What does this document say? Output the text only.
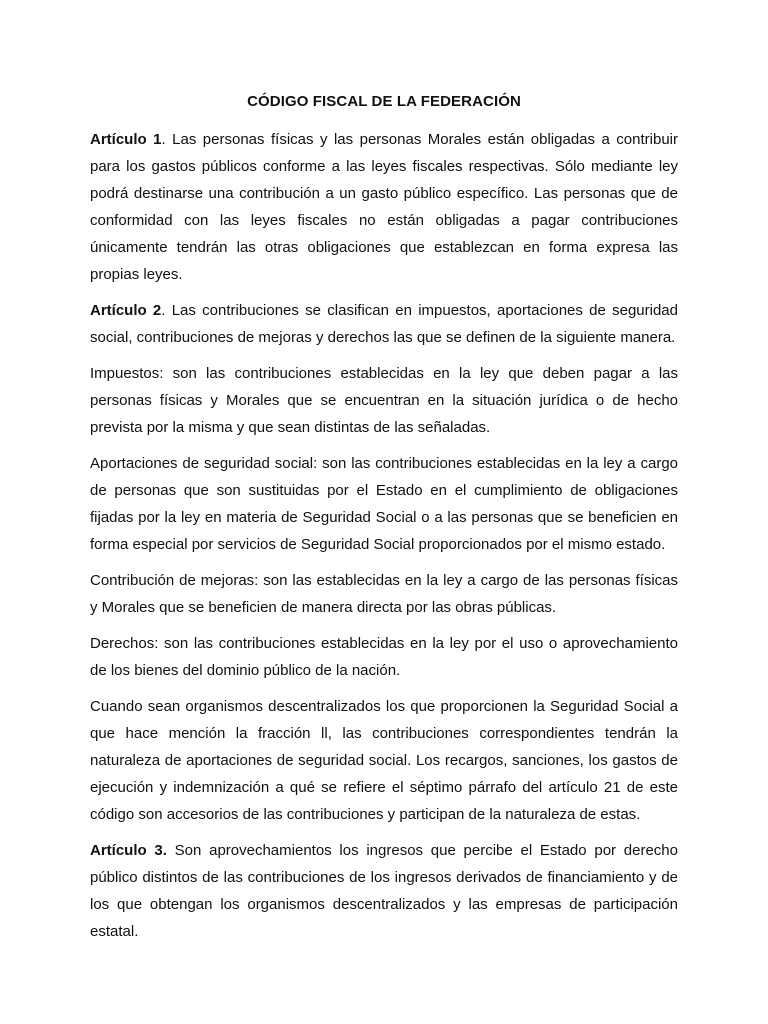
CÓDIGO FISCAL DE LA FEDERACIÓN

Artículo 1. Las personas físicas y las personas Morales están obligadas a contribuir para los gastos públicos conforme a las leyes fiscales respectivas. Sólo mediante ley podrá destinarse una contribución a un gasto público específico. Las personas que de conformidad con las leyes fiscales no están obligadas a pagar contribuciones únicamente tendrán las otras obligaciones que establezcan en forma expresa las propias leyes.

Artículo 2. Las contribuciones se clasifican en impuestos, aportaciones de seguridad social, contribuciones de mejoras y derechos las que se definen de la siguiente manera.

Impuestos: son las contribuciones establecidas en la ley que deben pagar a las personas físicas y Morales que se encuentran en la situación jurídica o de hecho prevista por la misma y que sean distintas de las señaladas.

Aportaciones de seguridad social: son las contribuciones establecidas en la ley a cargo de personas que son sustituidas por el Estado en el cumplimiento de obligaciones fijadas por la ley en materia de Seguridad Social o a las personas que se beneficien en forma especial por servicios de Seguridad Social proporcionados por el mismo estado.

Contribución de mejoras: son las establecidas en la ley a cargo de las personas físicas y Morales que se beneficien de manera directa por las obras públicas.

Derechos: son las contribuciones establecidas en la ley por el uso o aprovechamiento de los bienes del dominio público de la nación.

Cuando sean organismos descentralizados los que proporcionen la Seguridad Social a que hace mención la fracción ll, las contribuciones correspondientes tendrán la naturaleza de aportaciones de seguridad social. Los recargos, sanciones, los gastos de ejecución y indemnización a qué se refiere el séptimo párrafo del artículo 21 de este código son accesorios de las contribuciones y participan de la naturaleza de estas.

Artículo 3. Son aprovechamientos los ingresos que percibe el Estado por derecho público distintos de las contribuciones de los ingresos derivados de financiamiento y de los que obtengan los organismos descentralizados y las empresas de participación estatal.
